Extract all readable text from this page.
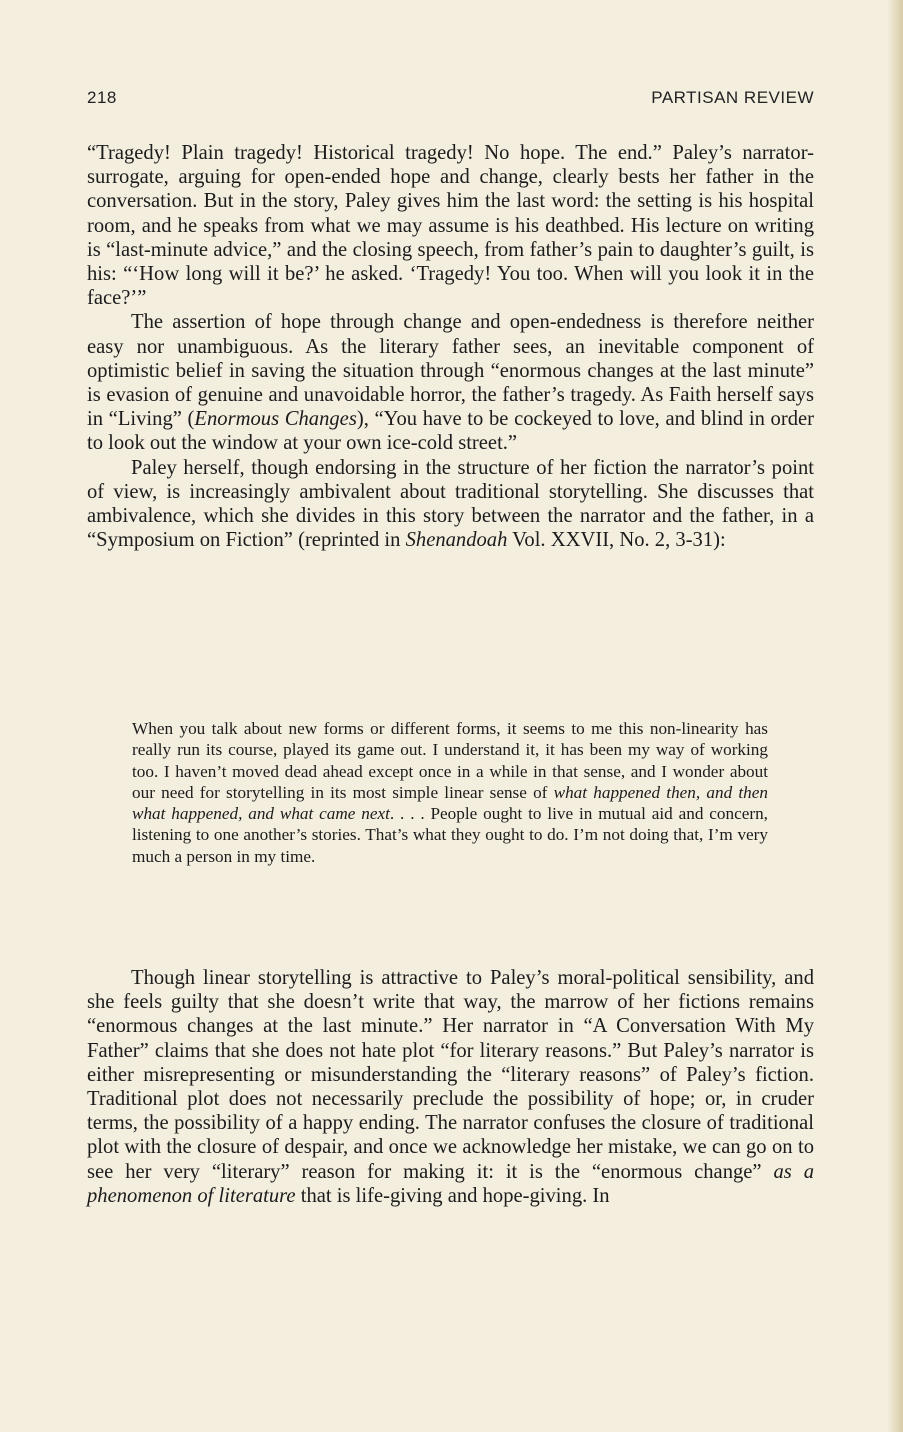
218	PARTISAN REVIEW

“Tragedy! Plain tragedy! Historical tragedy! No hope. The end.” Paley’s narrator-surrogate, arguing for open-ended hope and change, clearly bests her father in the conversation. But in the story, Paley gives him the last word: the setting is his hospital room, and he speaks from what we may assume is his deathbed. His lecture on writing is “last-minute advice,” and the closing speech, from father’s pain to daughter’s guilt, is his: “‘How long will it be?’ he asked. ‘Tragedy! You too. When will you look it in the face?’”

The assertion of hope through change and open-endedness is therefore neither easy nor unambiguous. As the literary father sees, an inevitable component of optimistic belief in saving the situation through “enormous changes at the last minute” is evasion of genuine and unavoidable horror, the father’s tragedy. As Faith herself says in “Living” (Enormous Changes), “You have to be cockeyed to love, and blind in order to look out the window at your own ice-cold street.”

Paley herself, though endorsing in the structure of her fiction the narrator’s point of view, is increasingly ambivalent about traditional storytelling. She discusses that ambivalence, which she divides in this story between the narrator and the father, in a “Symposium on Fiction” (reprinted in Shenandoah Vol. XXVII, No. 2, 3-31):

When you talk about new forms or different forms, it seems to me this non-linearity has really run its course, played its game out. I understand it, it has been my way of working too. I haven’t moved dead ahead except once in a while in that sense, and I wonder about our need for storytelling in its most simple linear sense of what happened then, and then what happened, and what came next. . . . People ought to live in mutual aid and concern, listening to one another’s stories. That’s what they ought to do. I’m not doing that, I’m very much a person in my time.

Though linear storytelling is attractive to Paley’s moral-political sensibility, and she feels guilty that she doesn’t write that way, the marrow of her fictions remains “enormous changes at the last minute.” Her narrator in “A Conversation With My Father” claims that she does not hate plot “for literary reasons.” But Paley’s narrator is either misrepresenting or misunderstanding the “literary reasons” of Paley’s fiction. Traditional plot does not necessarily preclude the possibility of hope; or, in cruder terms, the possibility of a happy ending. The narrator confuses the closure of traditional plot with the closure of despair, and once we acknowledge her mistake, we can go on to see her very “literary” reason for making it: it is the “enormous change” as a phenomenon of literature that is life-giving and hope-giving. In
